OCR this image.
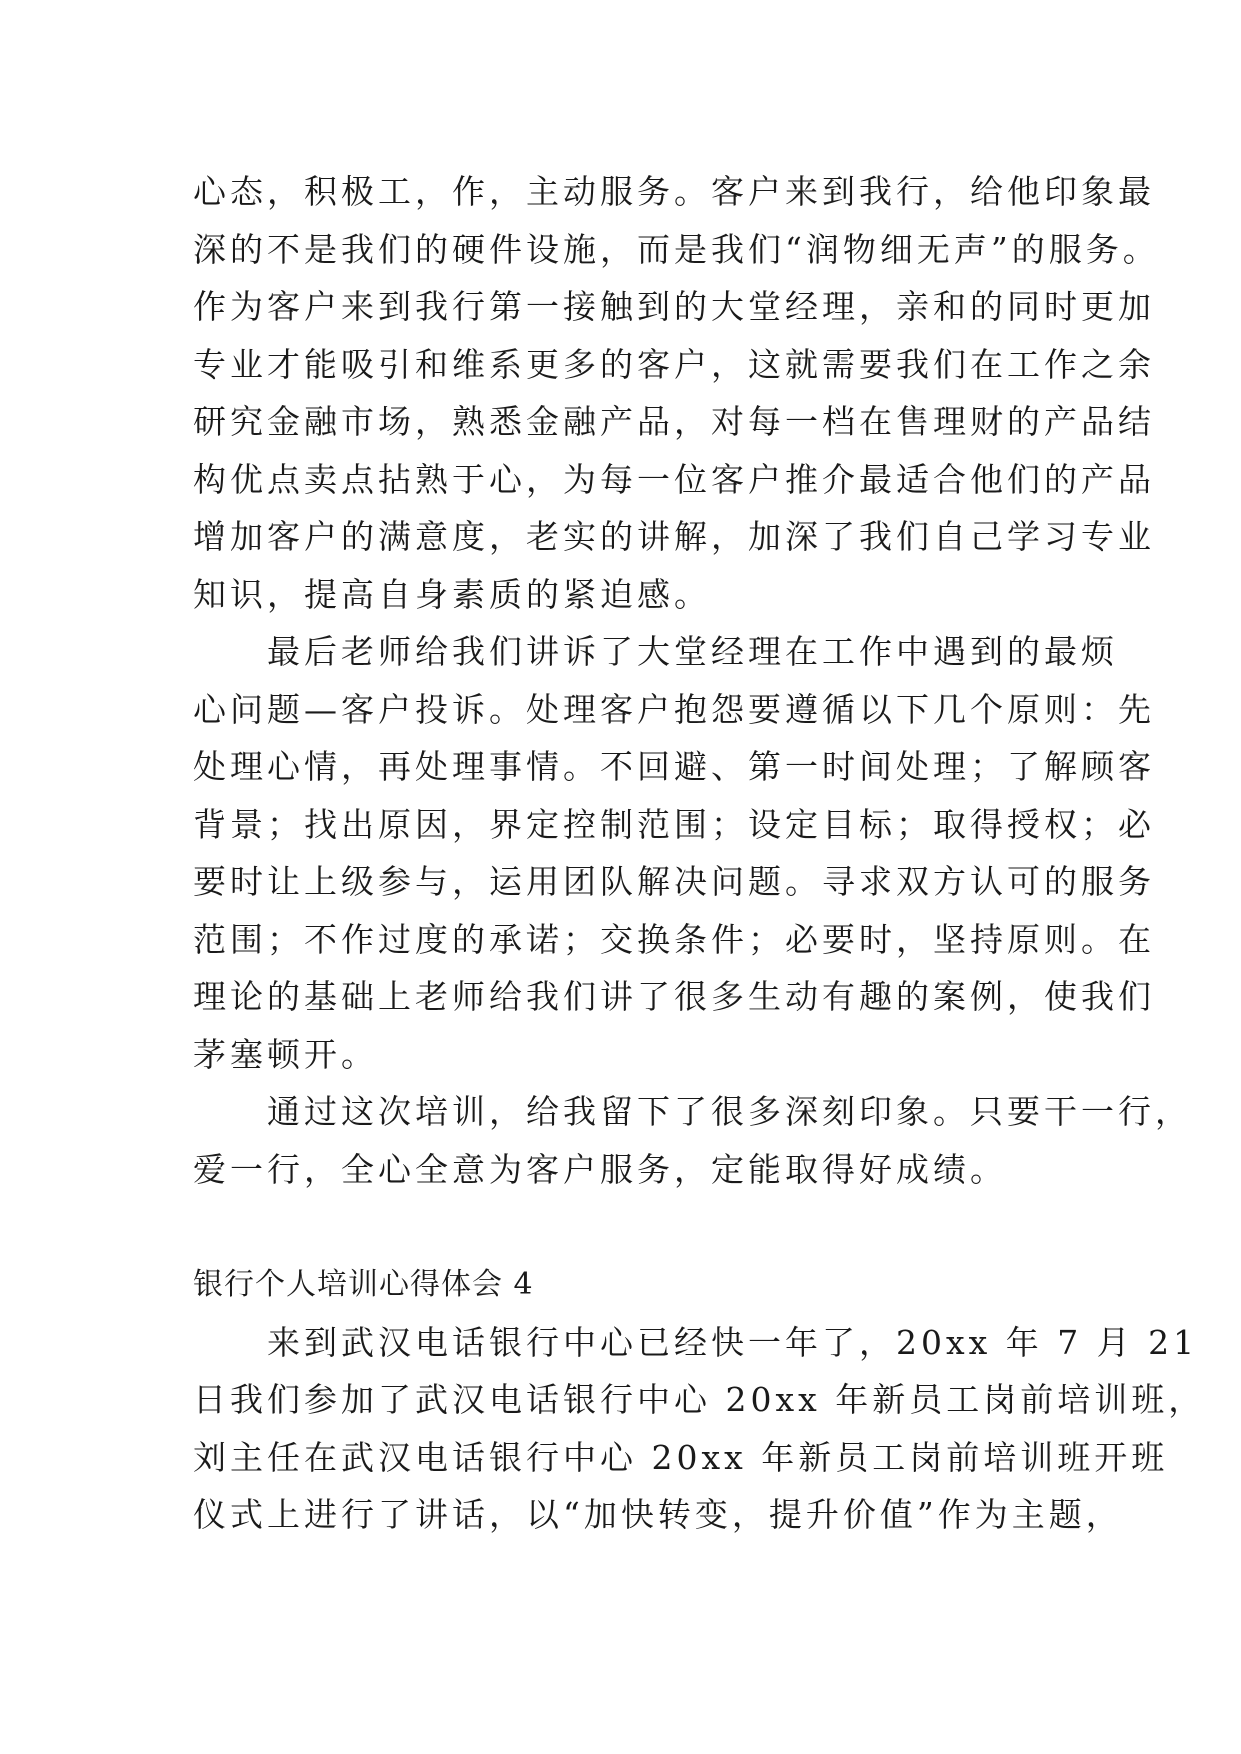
心态，积极工，作，主动服务。客户来到我行，给他印象最
深的不是我们的硬件设施，而是我们“润物细无声”的服务。
作为客户来到我行第一接触到的大堂经理，亲和的同时更加
专业才能吸引和维系更多的客户，这就需要我们在工作之余
研究金融市场，熟悉金融产品，对每一档在售理财的产品结
构优点卖点拈熟于心，为每一位客户推介最适合他们的产品
增加客户的满意度，老实的讲解，加深了我们自己学习专业
知识，提高自身素质的紧迫感。
　　最后老师给我们讲诉了大堂经理在工作中遇到的最烦
心问题—客户投诉。处理客户抱怨要遵循以下几个原则：先
处理心情，再处理事情。不回避、第一时间处理；了解顾客
背景；找出原因，界定控制范围；设定目标；取得授权；必
要时让上级参与，运用团队解决问题。寻求双方认可的服务
范围；不作过度的承诺；交换条件；必要时，坚持原则。在
理论的基础上老师给我们讲了很多生动有趣的案例，使我们
茅塞顿开。
　　通过这次培训，给我留下了很多深刻印象。只要干一行，
爱一行，全心全意为客户服务，定能取得好成绩。
银行个人培训心得体会 4
　　来到武汉电话银行中心已经快一年了，20xx 年 7 月 21
日我们参加了武汉电话银行中心 20xx 年新员工岗前培训班，
刘主任在武汉电话银行中心 20xx 年新员工岗前培训班开班
仪式上进行了讲话，以“加快转变，提升价值”作为主题，
